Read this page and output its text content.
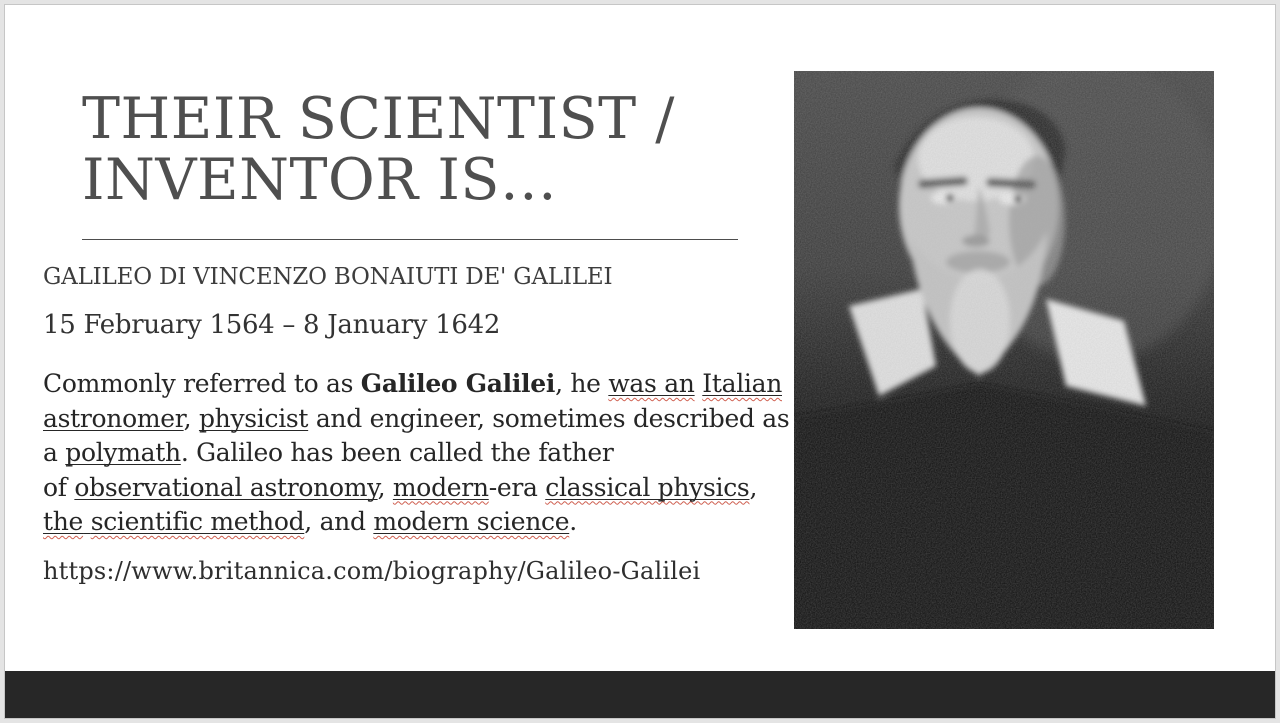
THEIR SCIENTIST /
INVENTOR IS…
GALILEO DI VINCENZO BONAIUTI DE' GALILEI
15 February 1564 – 8 January 1642
Commonly referred to as Galileo Galilei, he was an Italian
astronomer, physicist and engineer, sometimes described as
a polymath. Galileo has been called the father
of observational astronomy, modern-era classical physics,
the scientific method, and modern science.
https://www.britannica.com/biography/Galileo-Galilei
